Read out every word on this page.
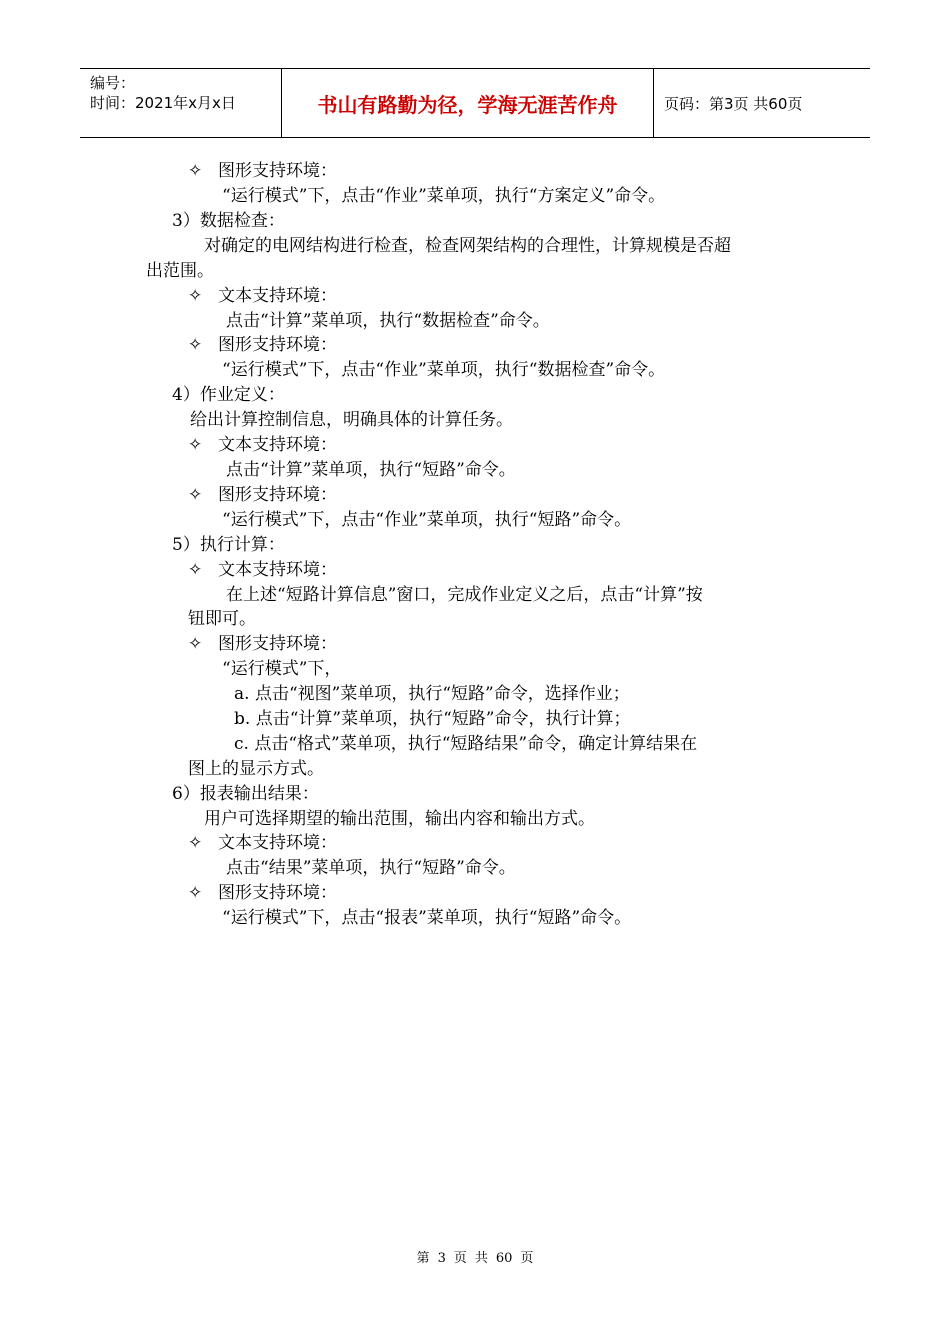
编号：
时间：2021年x月x日	书山有路勤为径，学海无涯苦作舟	页码：第3页 共60页
✧ 图形支持环境：
“运行模式”下，点击“作业”菜单项，执行“方案定义”命令。
3）数据检查：
对确定的电网结构进行检查，检查网架结构的合理性，计算规模是否超
出范围。
✧ 文本支持环境：
点击“计算”菜单项，执行“数据检查”命令。
✧ 图形支持环境：
“运行模式”下，点击“作业”菜单项，执行“数据检查”命令。
4）作业定义：
给出计算控制信息，明确具体的计算任务。
✧ 文本支持环境：
点击“计算”菜单项，执行“短路”命令。
✧ 图形支持环境：
“运行模式”下，点击“作业”菜单项，执行“短路”命令。
5）执行计算：
✧ 文本支持环境：
在上述“短路计算信息”窗口，完成作业定义之后，点击“计算”按
钮即可。
✧ 图形支持环境：
“运行模式”下，
a. 点击“视图”菜单项，执行“短路”命令，选择作业；
b. 点击“计算”菜单项，执行“短路”命令，执行计算；
c. 点击“格式”菜单项，执行“短路结果”命令，确定计算结果在
图上的显示方式。
6）报表输出结果：
用户可选择期望的输出范围，输出内容和输出方式。
✧ 文本支持环境：
点击“结果”菜单项，执行“短路”命令。
✧ 图形支持环境：
“运行模式”下，点击“报表”菜单项，执行“短路”命令。
第 3 页 共 60 页
